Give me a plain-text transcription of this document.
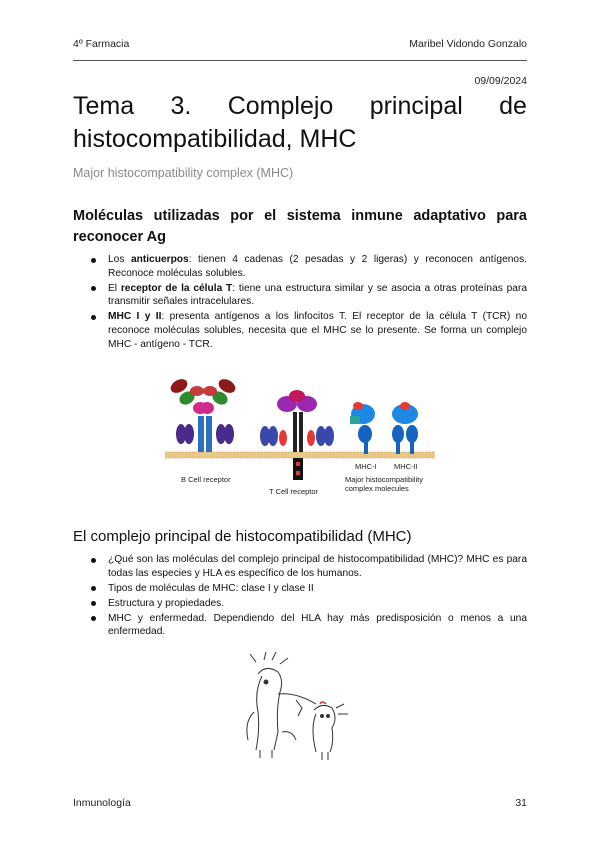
4º Farmacia	Maribel Vidondo Gonzalo
09/09/2024
Tema 3. Complejo principal de
histocompatibilidad, MHC
Major histocompatibility complex (MHC)
Moléculas utilizadas por el sistema inmune adaptativo para reconocer Ag
Los anticuerpos: tienen 4 cadenas (2 pesadas y 2 ligeras) y reconocen antígenos. Reconoce moléculas solubles.
El receptor de la célula T: tiene una estructura similar y se asocia a otras proteínas para transmitir señales intracelulares.
MHC I y II: presenta antígenos a los linfocitos T. El receptor de la célula T (TCR) no reconoce moléculas solubles, necesita que el MHC se lo presente. Se forma un complejo MHC - antígeno - TCR.
MHC-I MHC-II
B Cell receptor
T Cell receptor
Major histocompatibility complex molecules
El complejo principal de histocompatibilidad (MHC)
¿Qué son las moléculas del complejo principal de histocompatibilidad (MHC)? MHC es para todas las especies y HLA es específico de los humanos.
Tipos de moléculas de MHC: clase I y clase II
Estructura y propiedades.
MHC y enfermedad. Dependiendo del HLA hay más predisposición o menos a una enfermedad.
Inmunología	31
